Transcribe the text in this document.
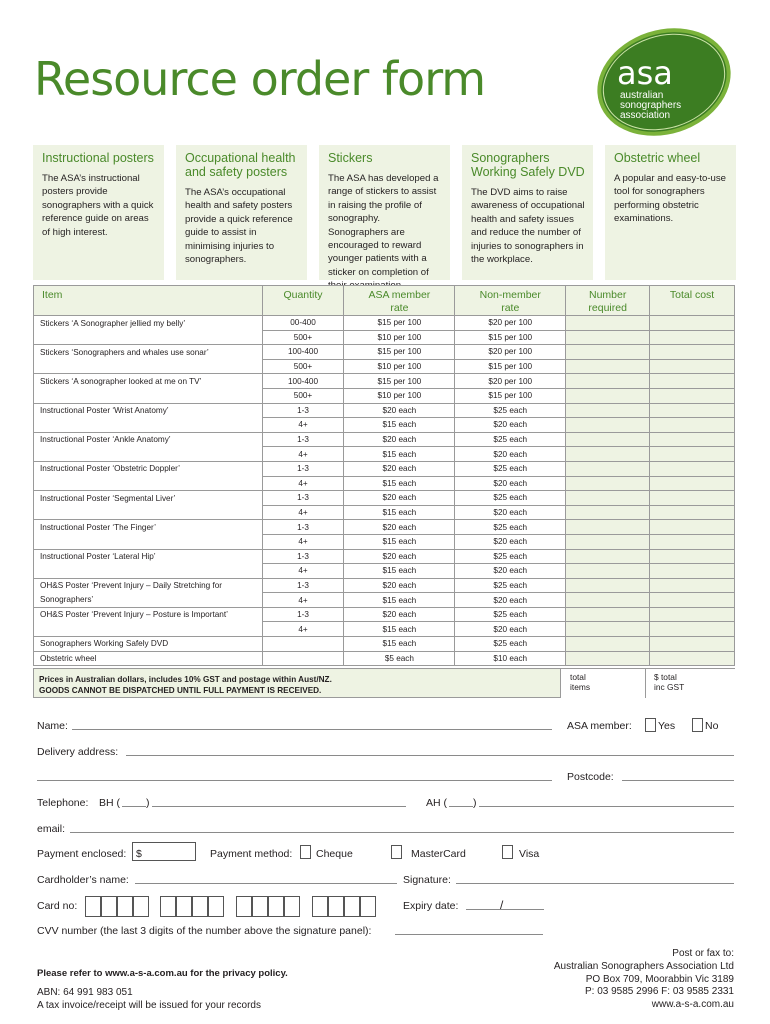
Resource order form	asa
australian
sonographers
association
Instructional posters

The ASA’s instructional posters provide sonographers with a quick reference guide on areas of high interest.

Occupational health and safety posters

The ASA’s occupational health and safety posters provide a quick reference guide to assist in minimising injuries to sonographers.

Stickers

The ASA has developed a range of stickers to assist in raising the profile of sonography. Sonographers are encouraged to reward younger patients with a sticker on completion of

Sonographers Working Safely DVD

The DVD aims to raise awareness of occupational health and safety issues and reduce the number of injuries to sonographers in the workplace.

Obstetric wheel

A popular and easy-to-use tool for sonographers performing obstetric examinations.

Item	Quantity	ASA member rate	Non-member rate	Number required	Total cost
Stickers ‘A Sonographer jellied my belly’	00-400	$15 per 100	$20 per 100		
	500+	$10 per 100	$15 per 100		
Stickers ‘Sonographers and whales use sonar’	100-400	$15 per 100	$20 per 100		
	500+	$10 per 100	$15 per 100		
Stickers ‘A sonographer looked at me on TV’	100-400	$15 per 100	$20 per 100		
	500+	$10 per 100	$15 per 100		
Instructional Poster ‘Wrist Anatomy’	1-3	$20 each	$25 each		
	4+	$15 each	$20 each		
Instructional Poster ‘Ankle Anatomy’	1-3	$20 each	$25 each		
	4+	$15 each	$20 each		
Instructional Poster ‘Obstetric Doppler’	1-3	$20 each	$25 each		
	4+	$15 each	$20 each		
Instructional Poster ‘Segmental Liver’	1-3	$20 each	$25 each		
	4+	$15 each	$20 each		
Instructional Poster ‘The Finger’	1-3	$20 each	$25 each		
	4+	$15 each	$20 each		
Instructional Poster ‘Lateral Hip’	1-3	$20 each	$25 each		
	4+	$15 each	$20 each		
OH&S Poster ‘Prevent Injury – Daily Stretching for	1-3	$20 each	$25 each		
Sonographers’	4+	$15 each	$20 each		
OH&S Poster ‘Prevent Injury – Posture is Important’	1-3	$20 each	$25 each		
	4+	$15 each	$20 each		
Sonographers Working Safely DVD		$15 each	$25 each		
Obstetric wheel		$5 each	$10 each		
Prices in Australian dollars, includes 10% GST and postage within Aust/NZ.
GOODS CANNOT BE DISPATCHED UNTIL FULL PAYMENT IS RECEIVED.
total
items
$ total
inc GST
Name:	ASA member: Yes	No
Delivery address:
Postcode:
Telephone: BH ( )	AH ( )
email:
Payment enclosed: $	Payment method: Cheque	MasterCard	Visa
Cardholder’s name:	Signature:
Card no:	Expiry date:	/
CVV number (the last 3 digits of the number above the signature panel):
Please refer to www.a-s-a.com.au for the privacy policy.
ABN: 64 991 983 051
A tax invoice/receipt will be issued for your records
Post or fax to:
Australian Sonographers Association Ltd
PO Box 709, Moorabbin Vic 3189
P: 03 9585 2996 F: 03 9585 2331
www.a-s-a.com.au
